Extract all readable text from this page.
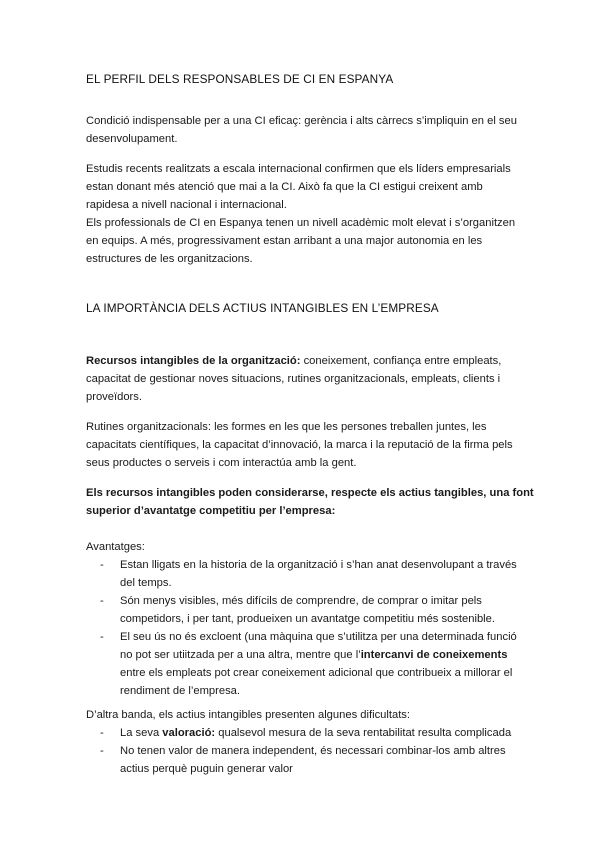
EL PERFIL DELS RESPONSABLES DE CI EN ESPANYA

Condició indispensable per a una CI eficaç: gerència i alts càrrecs s’impliquin en el seu
desenvolupament.

Estudis recents realitzats a escala internacional confirmen que els líders empresarials
estan donant més atenció que mai a la CI. Això fa que la CI estigui creixent amb
rapidesa a nivell nacional i internacional.

Els professionals de CI en Espanya tenen un nivell acadèmic molt elevat i s’organitzen
en equips. A més, progressivament estan arribant a una major autonomia en les
estructures de les organitzacions.

LA IMPORTÀNCIA DELS ACTIUS INTANGIBLES EN L’EMPRESA

Recursos intangibles de la organització: coneixement, confiança entre empleats,
capacitat de gestionar noves situacions, rutines organitzacionals, empleats, clients i
proveïdors.

Rutines organitzacionals: les formes en les que les persones treballen juntes, les
capacitats científiques, la capacitat d’innovació, la marca i la reputació de la firma pels
seus productes o serveis i com interactúa amb la gent.

Els recursos intangibles poden considerarse, respecte els actius tangibles, una font
superior d’avantatge competitiu per l’empresa:

Avantatges:

- Estan lligats en la historia de la organització i s’han anat desenvolupant a través
del temps.
- Són menys visibles, més difícils de comprendre, de comprar o imitar pels
competidors, i per tant, produeixen un avantatge competitiu més sostenible.
- El seu ús no és excloent (una màquina que s’utilitza per una determinada funció
no pot ser utiitzada per a una altra, mentre que l’intercanvi de coneixements
entre els empleats pot crear coneixement adicional que contribueix a millorar el
rendiment de l’empresa.

D’altra banda, els actius intangibles presenten algunes dificultats:

- La seva valoració: qualsevol mesura de la seva rentabilitat resulta complicada
- No tenen valor de manera independent, és necessari combinar-los amb altres
actius perquè puguin generar valor
